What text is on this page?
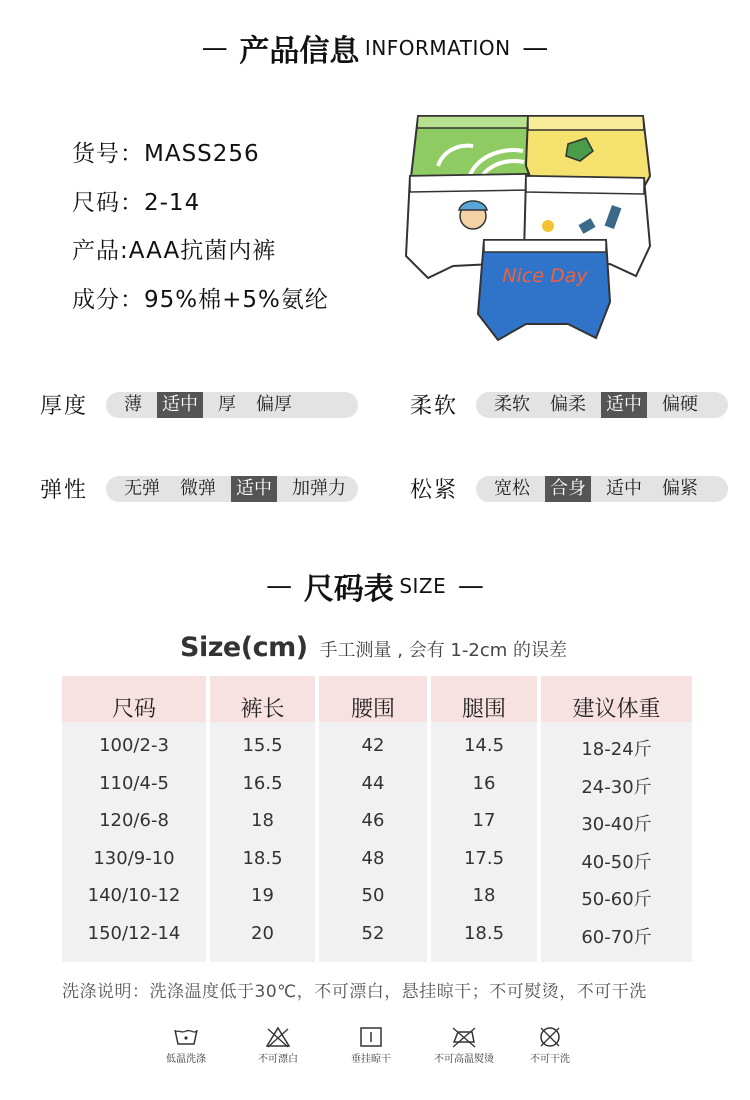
— 产品信息 INFORMATION —
货号：MASS256
尺码：2-14
产品:AAA抗菌内裤
成分：95%棉+5%氨纶
Nice Day
厚度	薄 适中 厚 偏厚	柔软	柔软 偏柔 适中 偏硬
弹性	无弹 微弹 适中 加弹力	松紧	宽松 合身 适中 偏紧
— 尺码表 SIZE —
Size(cm) 手工测量 , 会有 1-2cm 的误差
尺码	裤长	腰围	腿围	建议体重
100/2-3	15.5	42	14.5	18-24斤
110/4-5	16.5	44	16	24-30斤
120/6-8	18	46	17	30-40斤
130/9-10	18.5	48	17.5	40-50斤
140/10-12	19	50	18	50-60斤
150/12-14	20	52	18.5	60-70斤
洗涤说明：洗涤温度低于30℃，不可漂白，悬挂晾干；不可熨烫，不可干洗
低温洗涤	不可漂白	垂挂晾干	不可高温熨烫	不可干洗
